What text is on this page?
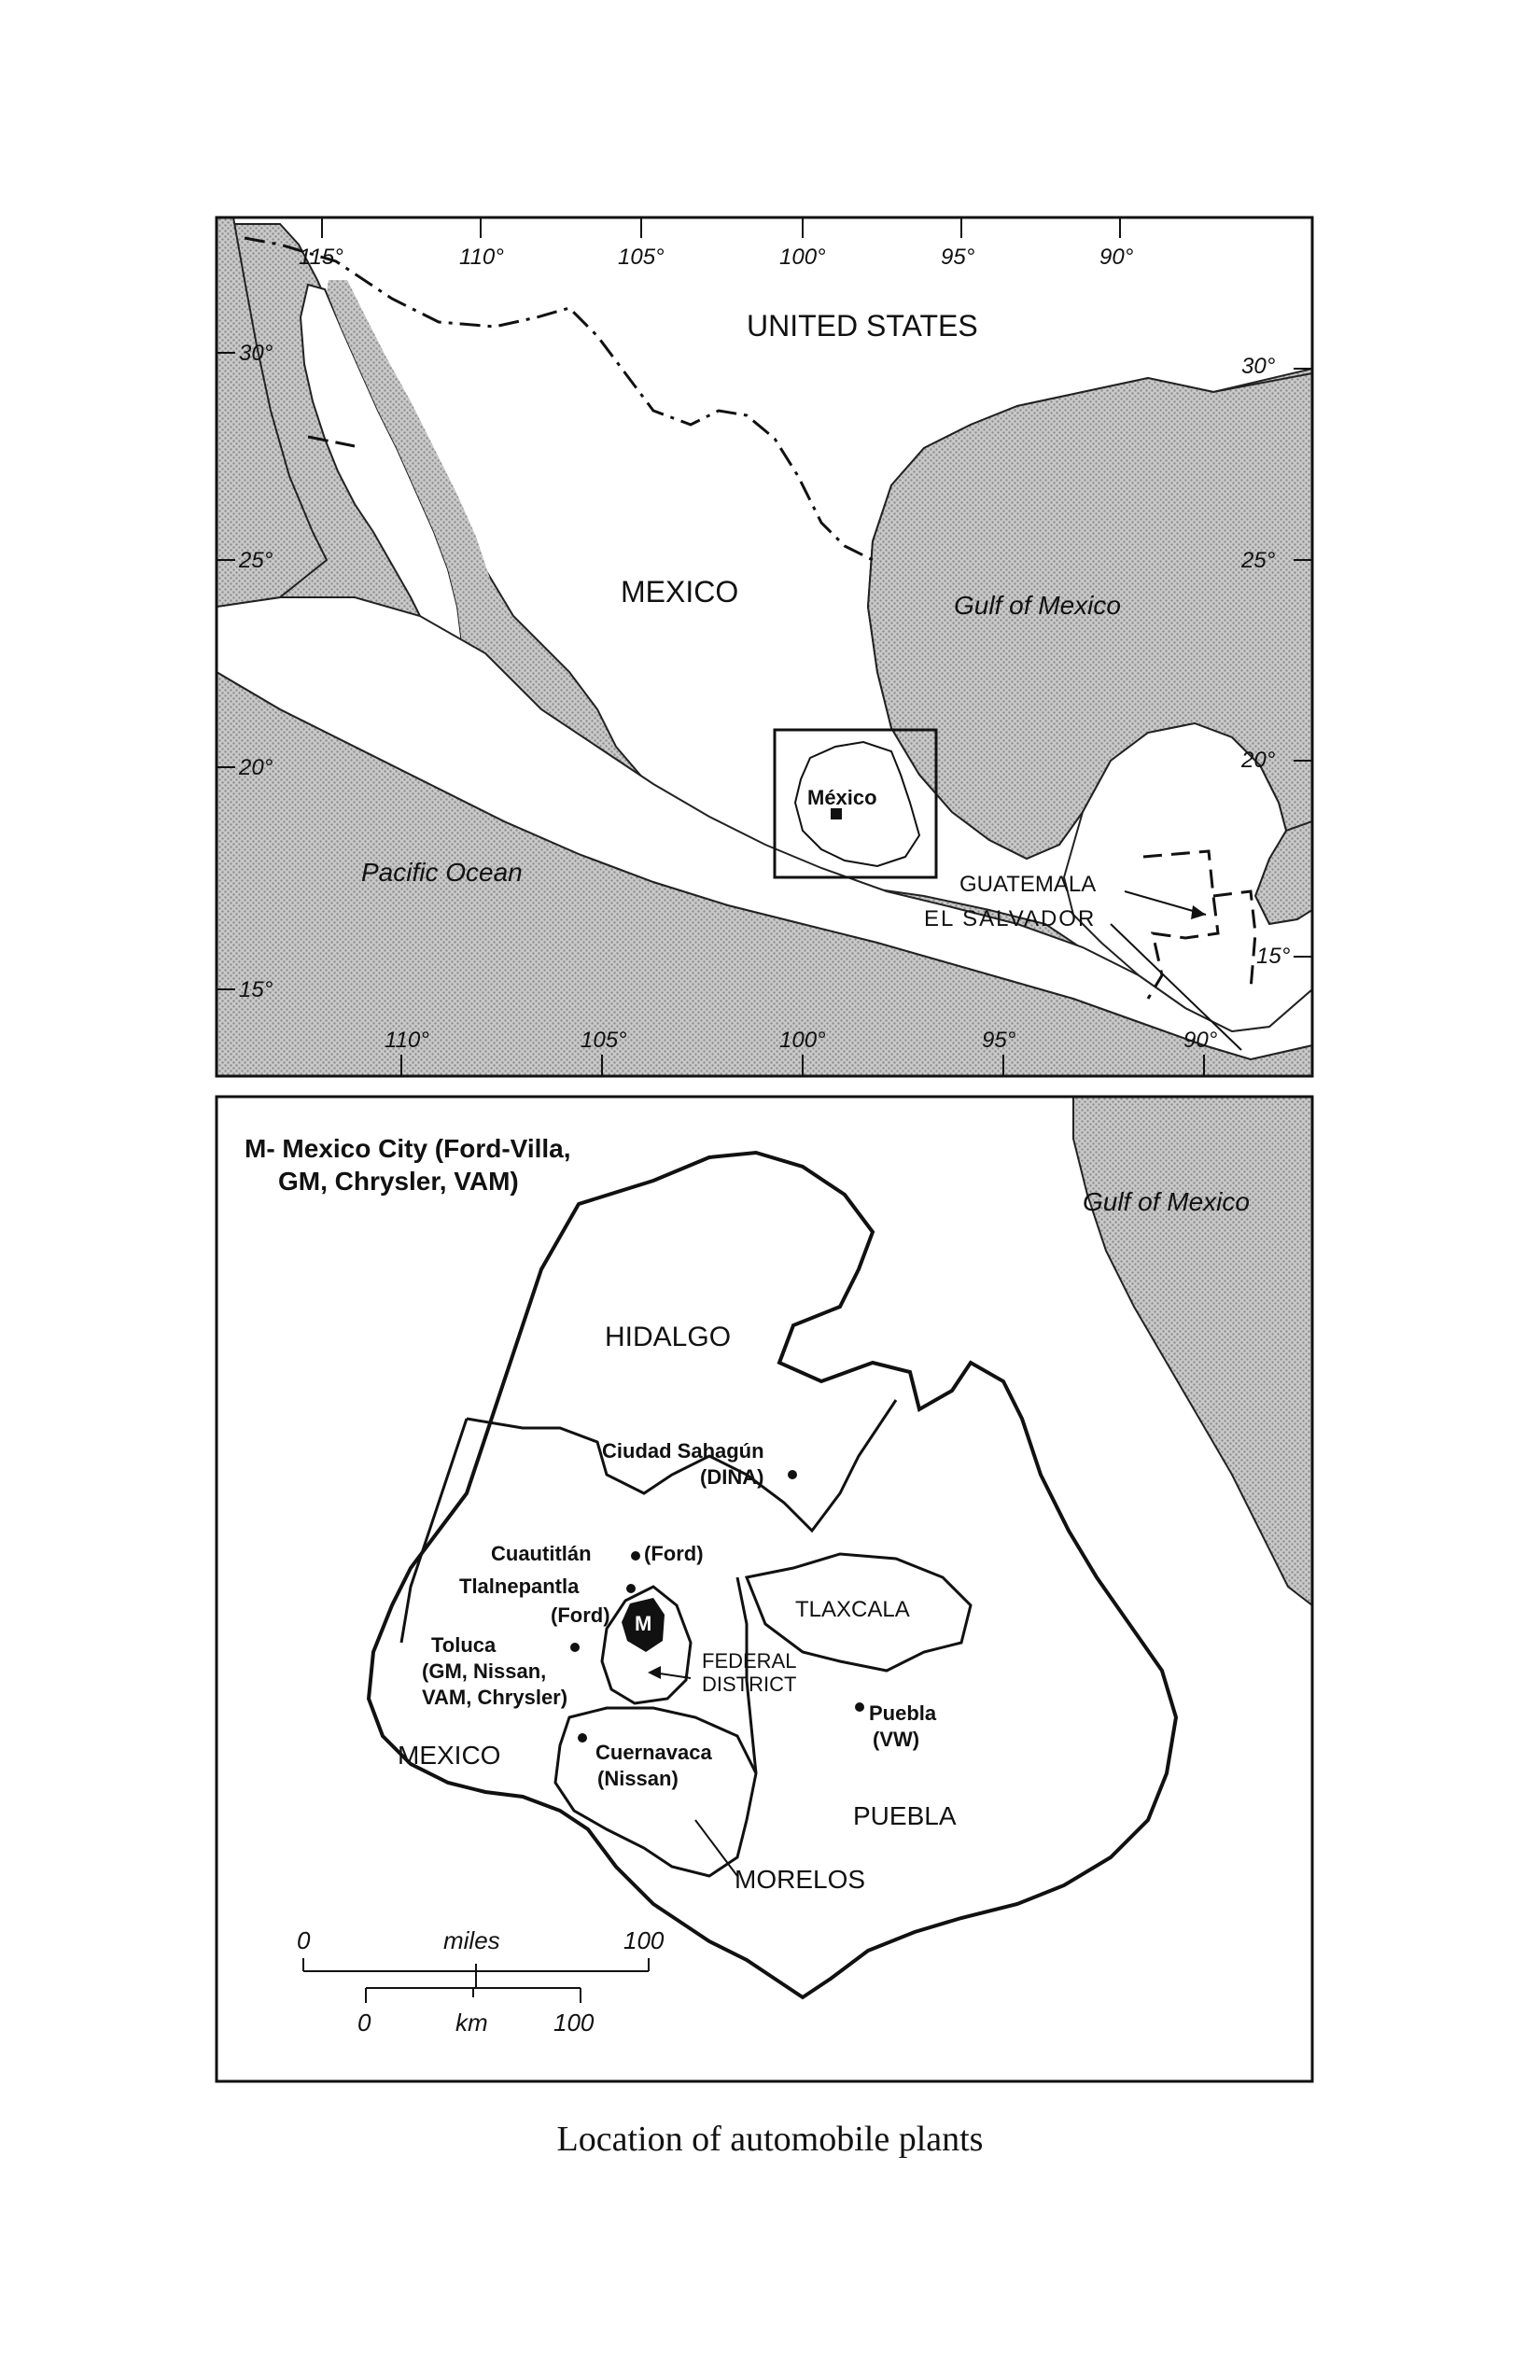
115°	110°	105°	100°	95°	90°
110°	105°	100°	95°	90°
30°
25°
20°
15°
30°
25°
20°
15°
UNITED STATES
MEXICO	Gulf of Mexico
Pacific Ocean
México
GUATEMALA
EL SALVADOR
M- Mexico City (Ford-Villa,
GM, Chrysler, VAM)
Gulf of Mexico
HIDALGO
Ciudad Sahagún
(DINA)
Cuautitlán	(Ford)
Tlalnepantla
(Ford) M
TLAXCALA
Toluca
(GM, Nissan,
VAM, Chrysler)
FEDERAL
DISTRICT
Puebla
(VW)
MEXICO	Cuernavaca
(Nissan)
PUEBLA
MORELOS
0	miles	100
0	km	100
Location of automobile plants
